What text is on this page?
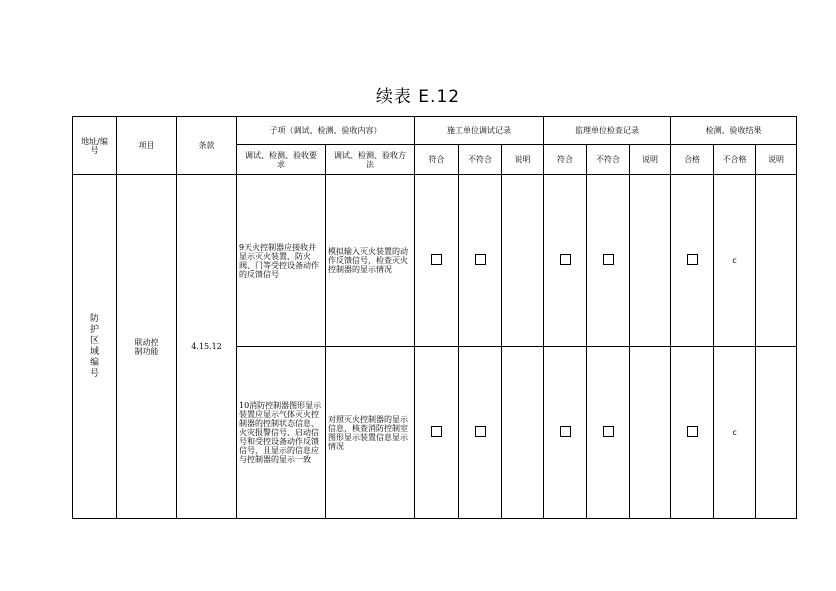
续表 E.12
地址/编号	项目	条款	子项（调试、检测、验收内容）		施工单位调试记录			监理单位检查记录			检测、验收结果		
			调试、检测、验收要求	调试、检测、验收方法	符合	不符合	说明	符合	不符合	说明	合格	不合格	说明
防护区域编号	联动控制功能	4.15.12	9天火控制器应接收并显示灭火装置、防火阀、门等受控设备动作的反馈信号	模拟输入灭火装置的动作反馈信号，检查灭火控制器的显示情况								c	
			10消防控制器图形显示装置应显示气体灭火控制器的控制状态信息、火灾报警信号、启动信号和受控设备动作反馈信号，且显示的信息应与控制器的显示一致	对照灭火控制器的显示信息，核查消防控制室图形显示装置信息显示情况								c	
